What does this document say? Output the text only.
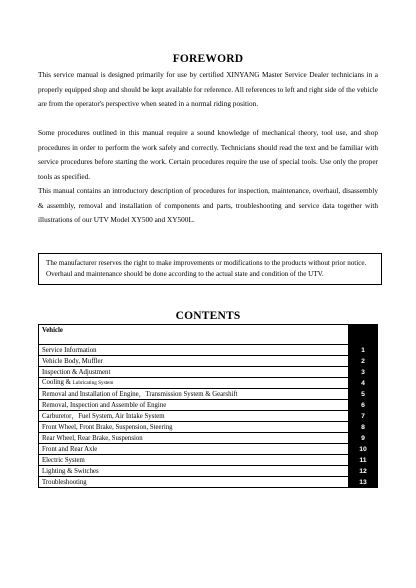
FOREWORD
This service manual is designed primarily for use by certified XINYANG Master Service Dealer technicians in a properly equipped shop and should be kept available for reference. All references to left and right side of the vehicle are from the operator's perspective when seated in a normal riding position.
Some procedures outlined in this manual require a sound knowledge of mechanical theory, tool use, and shop procedures in order to perform the work safely and correctly. Technicians should read the text and be familiar with service procedures before starting the work. Certain procedures require the use of special tools. Use only the proper tools as specified.
This manual contains an introductory description of procedures for inspection, maintenance, overhaul, disassembly & assembly, removal and installation of components and parts, troubleshooting and service data together with illustrations of our UTV Model XY500 and XY500L.
The manufacturer reserves the right to make improvements or modifications to the products without prior notice. Overhaul and maintenance should be done according to the actual state and condition of the UTV.
CONTENTS
Vehicle	
Service Information	1
Vehicle Body, Muffler	2
Inspection & Adjustment	3
Cooling & Lubricating System	4
Removal and Installation of Engine，Transmission System & Gearshift	5
Removal, Inspection and Assemble of Engine	6
Carburetor，Fuel System, Air Intake System	7
Front Wheel, Front Brake, Suspension, Steering	8
Rear Wheel, Rear Brake, Suspension	9
Front and Rear Axle	10
Electric System	11
Lighting & Switches	12
Troubleshooting	13
